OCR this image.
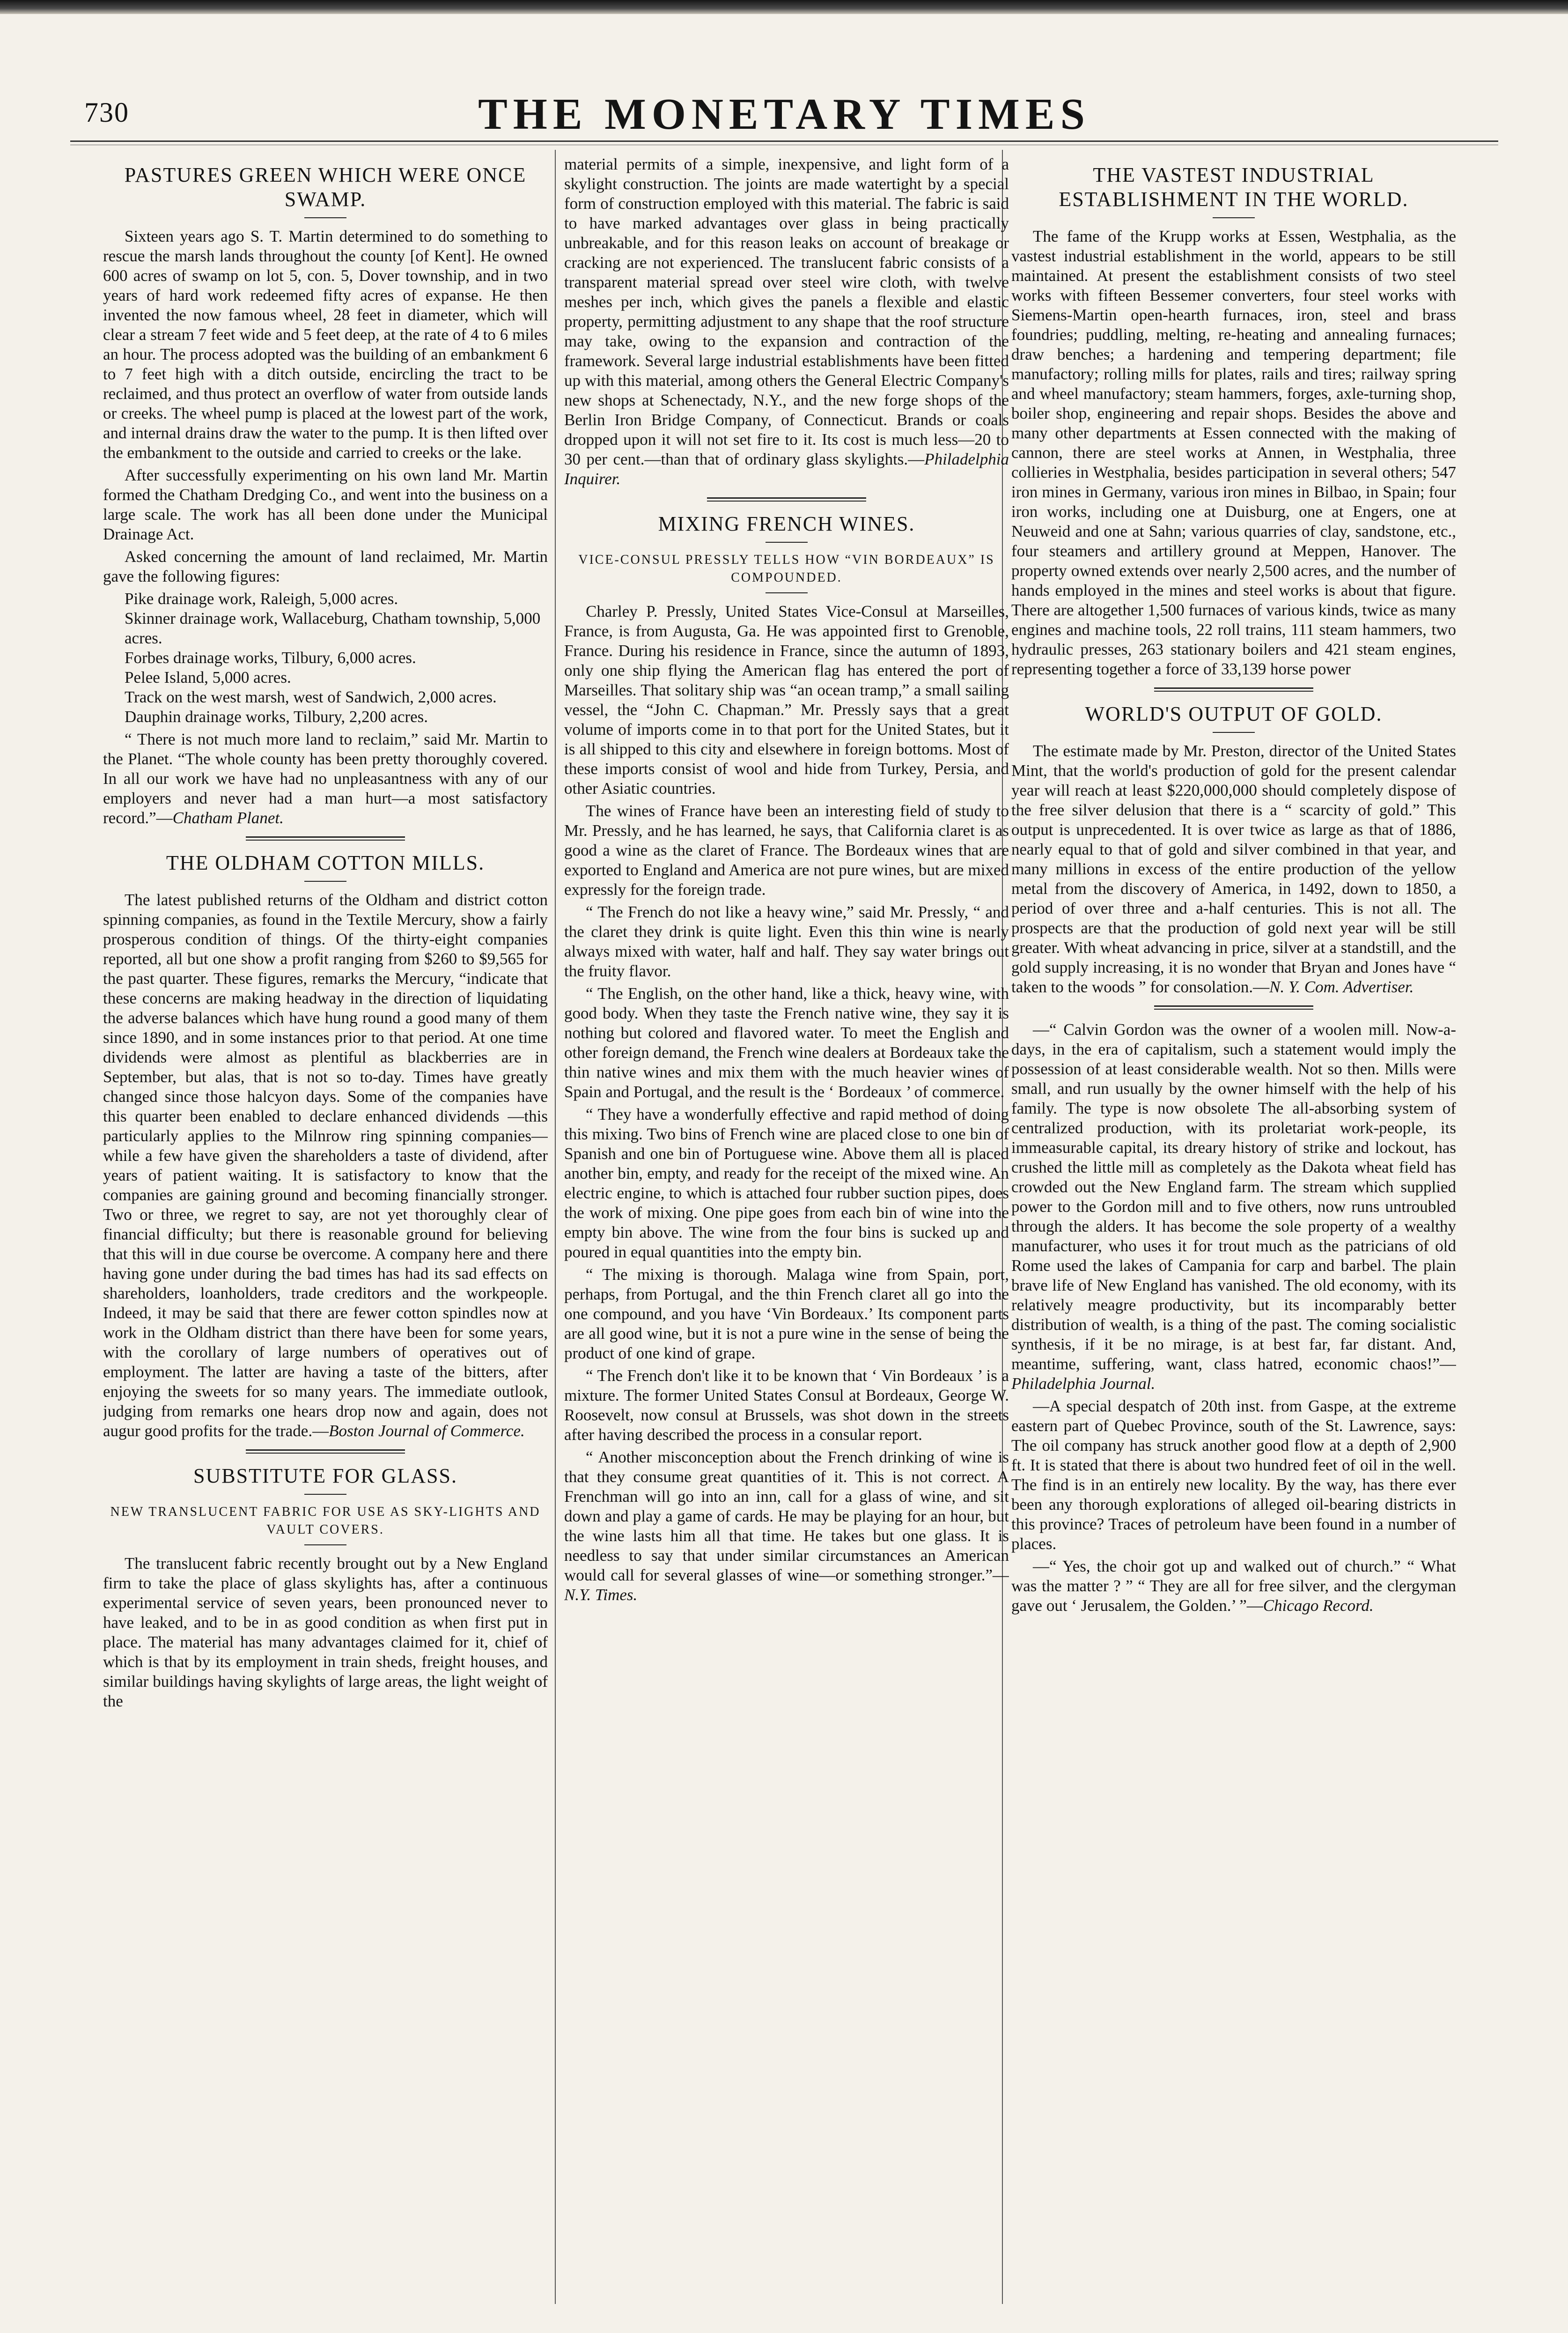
730	THE MONETARY TIMES
PASTURES GREEN WHICH WERE ONCE SWAMP.

Sixteen years ago S. T. Martin determined to do something to rescue the marsh lands throughout the county [of Kent]. He owned 600 acres of swamp on lot 5, con. 5, Dover township, and in two years of hard work redeemed fifty acres of expanse. He then invented the now famous wheel, 28 feet in diameter, which will clear a stream 7 feet wide and 5 feet deep, at the rate of 4 to 6 miles an hour. The process adopted was the building of an embankment 6 to 7 feet high with a ditch outside, encircling the tract to be reclaimed, and thus protect an overflow of water from outside lands or creeks. The wheel pump is placed at the lowest part of the work, and internal drains draw the water to the pump. It is then lifted over the embankment to the outside and carried to creeks or the lake.

After successfully experimenting on his own land Mr. Martin formed the Chatham Dredging Co., and went into the business on a large scale. The work has all been done under the Municipal Drainage Act.

Asked concerning the amount of land reclaimed, Mr. Martin gave the following figures:

Pike drainage work, Raleigh, 5,000 acres.

Skinner drainage work, Wallaceburg, Chatham township, 5,000 acres.

Forbes drainage works, Tilbury, 6,000 acres.

Pelee Island, 5,000 acres.

Track on the west marsh, west of Sandwich, 2,000 acres.

Dauphin drainage works, Tilbury, 2,200 acres.

“ There is not much more land to reclaim,” said Mr. Martin to the Planet. “The whole county has been pretty thoroughly covered. In all our work we have had no unpleasantness with any of our employers and never had a man hurt—a most satisfactory record.”—Chatham Planet.

THE OLDHAM COTTON MILLS.

The latest published returns of the Oldham and district cotton spinning companies, as found in the Textile Mercury, show a fairly prosperous condition of things. Of the thirty-eight companies reported, all but one show a profit ranging from $260 to $9,565 for the past quarter. These figures, remarks the Mercury, “indicate that these concerns are making headway in the direction of liquidating the adverse balances which have hung round a good many of them since 1890, and in some instances prior to that period. At one time dividends were almost as plentiful as blackberries are in September, but alas, that is not so to-day. Times have greatly changed since those halcyon days. Some of the companies have this quarter been enabled to declare enhanced dividends —this particularly applies to the Milnrow ring spinning companies—while a few have given the shareholders a taste of dividend, after years of patient waiting. It is satisfactory to know that the companies are gaining ground and becoming financially stronger. Two or three, we regret to say, are not yet thoroughly clear of financial difficulty; but there is reasonable ground for believing that this will in due course be overcome. A company here and there having gone under during the bad times has had its sad effects on shareholders, loanholders, trade creditors and the workpeople. Indeed, it may be said that there are fewer cotton spindles now at work in the Oldham district than there have been for some years, with the corollary of large numbers of operatives out of employment. The latter are having a taste of the bitters, after enjoying the sweets for so many years. The immediate outlook, judging from remarks one hears drop now and again, does not augur good profits for the trade.—Boston Journal of Commerce.

SUBSTITUTE FOR GLASS.
NEW TRANSLUCENT FABRIC FOR USE AS SKY-LIGHTS AND VAULT COVERS.

The translucent fabric recently brought out by a New England firm to take the place of glass skylights has, after a continuous experimental service of seven years, been pronounced never to have leaked, and to be in as good condition as when first put in place. The material has many advantages claimed for it, chief of which is that by its employment in train sheds, freight houses, and similar buildings having skylights of large areas, the light weight of the

material permits of a simple, inexpensive, and light form of a skylight construction. The joints are made watertight by a special form of construction employed with this material. The fabric is said to have marked advantages over glass in being practically unbreakable, and for this reason leaks on account of breakage or cracking are not experienced. The translucent fabric consists of a transparent material spread over steel wire cloth, with twelve meshes per inch, which gives the panels a flexible and elastic property, permitting adjustment to any shape that the roof structure may take, owing to the expansion and contraction of the framework. Several large industrial establishments have been fitted up with this material, among others the General Electric Company's new shops at Schenectady, N.Y., and the new forge shops of the Berlin Iron Bridge Company, of Connecticut. Brands or coals dropped upon it will not set fire to it. Its cost is much less—20 to 30 per cent.—than that of ordinary glass skylights.—Philadelphia Inquirer.

MIXING FRENCH WINES.
VICE-CONSUL PRESSLY TELLS HOW “VIN BORDEAUX” IS COMPOUNDED.

Charley P. Pressly, United States Vice-Consul at Marseilles, France, is from Augusta, Ga. He was appointed first to Grenoble, France. During his residence in France, since the autumn of 1893, only one ship flying the American flag has entered the port of Marseilles. That solitary ship was “an ocean tramp,” a small sailing vessel, the “John C. Chapman.” Mr. Pressly says that a great volume of imports come in to that port for the United States, but it is all shipped to this city and elsewhere in foreign bottoms. Most of these imports consist of wool and hide from Turkey, Persia, and other Asiatic countries.

The wines of France have been an interesting field of study to Mr. Pressly, and he has learned, he says, that California claret is as good a wine as the claret of France. The Bordeaux wines that are exported to England and America are not pure wines, but are mixed expressly for the foreign trade.

“ The French do not like a heavy wine,” said Mr. Pressly, “ and the claret they drink is quite light. Even this thin wine is nearly always mixed with water, half and half. They say water brings out the fruity flavor.

“ The English, on the other hand, like a thick, heavy wine, with good body. When they taste the French native wine, they say it is nothing but colored and flavored water. To meet the English and other foreign demand, the French wine dealers at Bordeaux take the thin native wines and mix them with the much heavier wines of Spain and Portugal, and the result is the ‘ Bordeaux ’ of commerce.

“ They have a wonderfully effective and rapid method of doing this mixing. Two bins of French wine are placed close to one bin of Spanish and one bin of Portuguese wine. Above them all is placed another bin, empty, and ready for the receipt of the mixed wine. An electric engine, to which is attached four rubber suction pipes, does the work of mixing. One pipe goes from each bin of wine into the empty bin above. The wine from the four bins is sucked up and poured in equal quantities into the empty bin.

“ The mixing is thorough. Malaga wine from Spain, port, perhaps, from Portugal, and the thin French claret all go into the one compound, and you have ‘Vin Bordeaux.’ Its component parts are all good wine, but it is not a pure wine in the sense of being the product of one kind of grape.

“ The French don't like it to be known that ‘ Vin Bordeaux ’ is a mixture. The former United States Consul at Bordeaux, George W. Roosevelt, now consul at Brussels, was shot down in the streets after having described the process in a consular report.

“ Another misconception about the French drinking of wine is that they consume great quantities of it. This is not correct. A Frenchman will go into an inn, call for a glass of wine, and sit down and play a game of cards. He may be playing for an hour, but the wine lasts him all that time. He takes but one glass. It is needless to say that under similar circumstances an American would call for several glasses of wine—or something stronger.”—N.Y. Times.

THE VASTEST INDUSTRIAL ESTABLISHMENT IN THE WORLD.

The fame of the Krupp works at Essen, Westphalia, as the vastest industrial establishment in the world, appears to be still maintained. At present the establishment consists of two steel works with fifteen Bessemer converters, four steel works with Siemens-Martin open-hearth furnaces, iron, steel and brass foundries; puddling, melting, re-heating and annealing furnaces; draw benches; a hardening and tempering department; file manufactory; rolling mills for plates, rails and tires; railway spring and wheel manufactory; steam hammers, forges, axle-turning shop, boiler shop, engineering and repair shops. Besides the above and many other departments at Essen connected with the making of cannon, there are steel works at Annen, in Westphalia, three collieries in Westphalia, besides participation in several others; 547 iron mines in Germany, various iron mines in Bilbao, in Spain; four iron works, including one at Duisburg, one at Engers, one at Neuweid and one at Sahn; various quarries of clay, sandstone, etc., four steamers and artillery ground at Meppen, Hanover. The property owned extends over nearly 2,500 acres, and the number of hands employed in the mines and steel works is about that figure. There are altogether 1,500 furnaces of various kinds, twice as many engines and machine tools, 22 roll trains, 111 steam hammers, two hydraulic presses, 263 stationary boilers and 421 steam engines, representing together a force of 33,139 horse power

WORLD'S OUTPUT OF GOLD.

The estimate made by Mr. Preston, director of the United States Mint, that the world's production of gold for the present calendar year will reach at least $220,000,000 should completely dispose of the free silver delusion that there is a “ scarcity of gold.” This output is unprecedented. It is over twice as large as that of 1886, nearly equal to that of gold and silver combined in that year, and many millions in excess of the entire production of the yellow metal from the discovery of America, in 1492, down to 1850, a period of over three and a-half centuries. This is not all. The prospects are that the production of gold next year will be still greater. With wheat advancing in price, silver at a standstill, and the gold supply increasing, it is no wonder that Bryan and Jones have “ taken to the woods ” for consolation.—N. Y. Com. Advertiser.

—“ Calvin Gordon was the owner of a woolen mill. Now-a-days, in the era of capitalism, such a statement would imply the possession of at least considerable wealth. Not so then. Mills were small, and run usually by the owner himself with the help of his family. The type is now obsolete The all-absorbing system of centralized production, with its proletariat work-people, its immeasurable capital, its dreary history of strike and lockout, has crushed the little mill as completely as the Dakota wheat field has crowded out the New England farm. The stream which supplied power to the Gordon mill and to five others, now runs untroubled through the alders. It has become the sole property of a wealthy manufacturer, who uses it for trout much as the patricians of old Rome used the lakes of Campania for carp and barbel. The plain brave life of New England has vanished. The old economy, with its relatively meagre productivity, but its incomparably better distribution of wealth, is a thing of the past. The coming socialistic synthesis, if it be no mirage, is at best far, far distant. And, meantime, suffering, want, class hatred, economic chaos!”—Philadelphia Journal.

—A special despatch of 20th inst. from Gaspe, at the extreme eastern part of Quebec Province, south of the St. Lawrence, says: The oil company has struck another good flow at a depth of 2,900 ft. It is stated that there is about two hundred feet of oil in the well. The find is in an entirely new locality. By the way, has there ever been any thorough explorations of alleged oil-bearing districts in this province? Traces of petroleum have been found in a number of places.

—“ Yes, the choir got up and walked out of church.” “ What was the matter ? ” “ They are all for free silver, and the clergyman gave out ‘ Jerusalem, the Golden.’ ”—Chicago Record.
